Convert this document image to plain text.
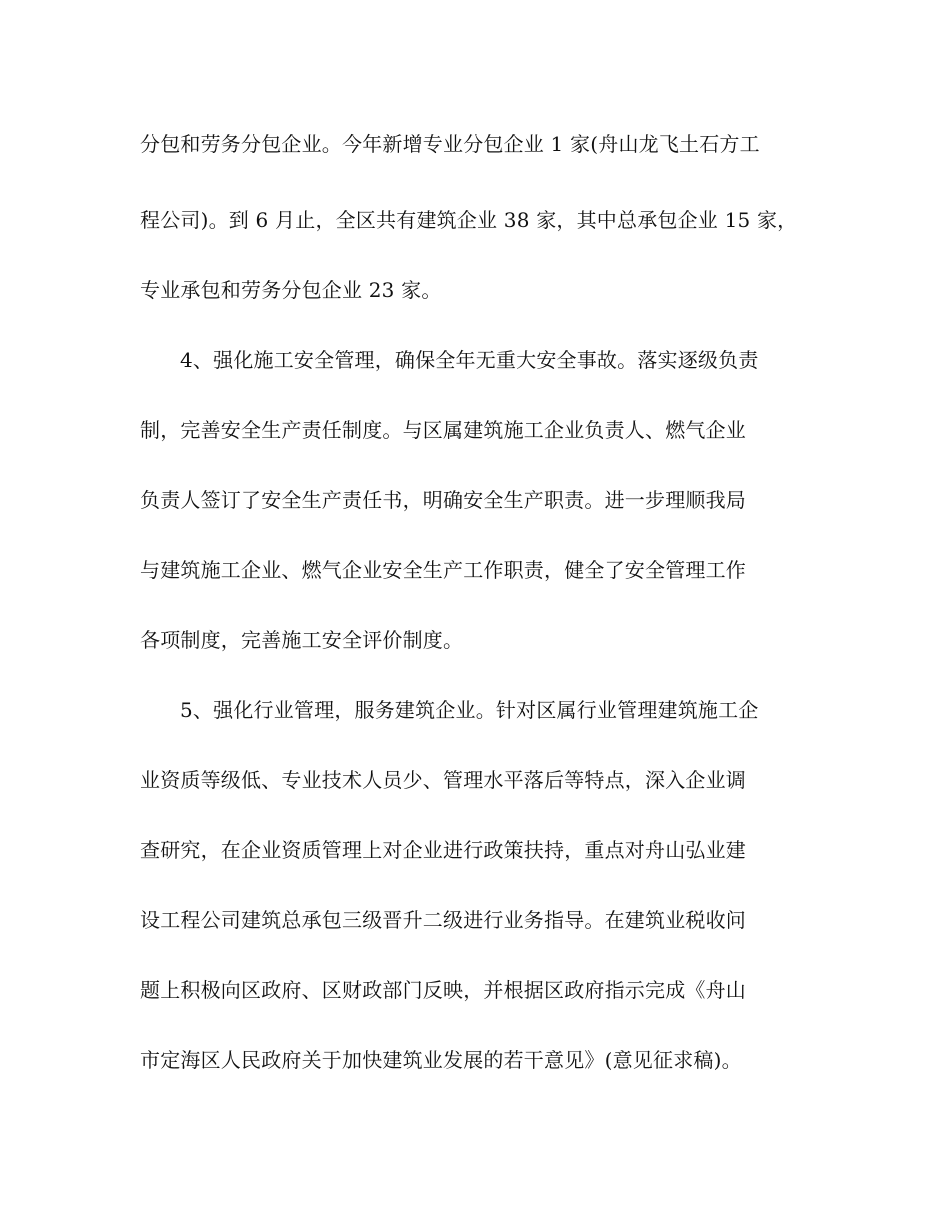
分包和劳务分包企业。今年新增专业分包企业 1 家(舟山龙飞土石方工
程公司)。到 6 月止，全区共有建筑企业 38 家，其中总承包企业 15 家，
专业承包和劳务分包企业 23 家。
4、强化施工安全管理，确保全年无重大安全事故。落实逐级负责
制，完善安全生产责任制度。与区属建筑施工企业负责人、燃气企业
负责人签订了安全生产责任书，明确安全生产职责。进一步理顺我局
与建筑施工企业、燃气企业安全生产工作职责，健全了安全管理工作
各项制度，完善施工安全评价制度。
5、强化行业管理，服务建筑企业。针对区属行业管理建筑施工企
业资质等级低、专业技术人员少、管理水平落后等特点，深入企业调
查研究，在企业资质管理上对企业进行政策扶持，重点对舟山弘业建
设工程公司建筑总承包三级晋升二级进行业务指导。在建筑业税收问
题上积极向区政府、区财政部门反映，并根据区政府指示完成《舟山
市定海区人民政府关于加快建筑业发展的若干意见》(意见征求稿)。
